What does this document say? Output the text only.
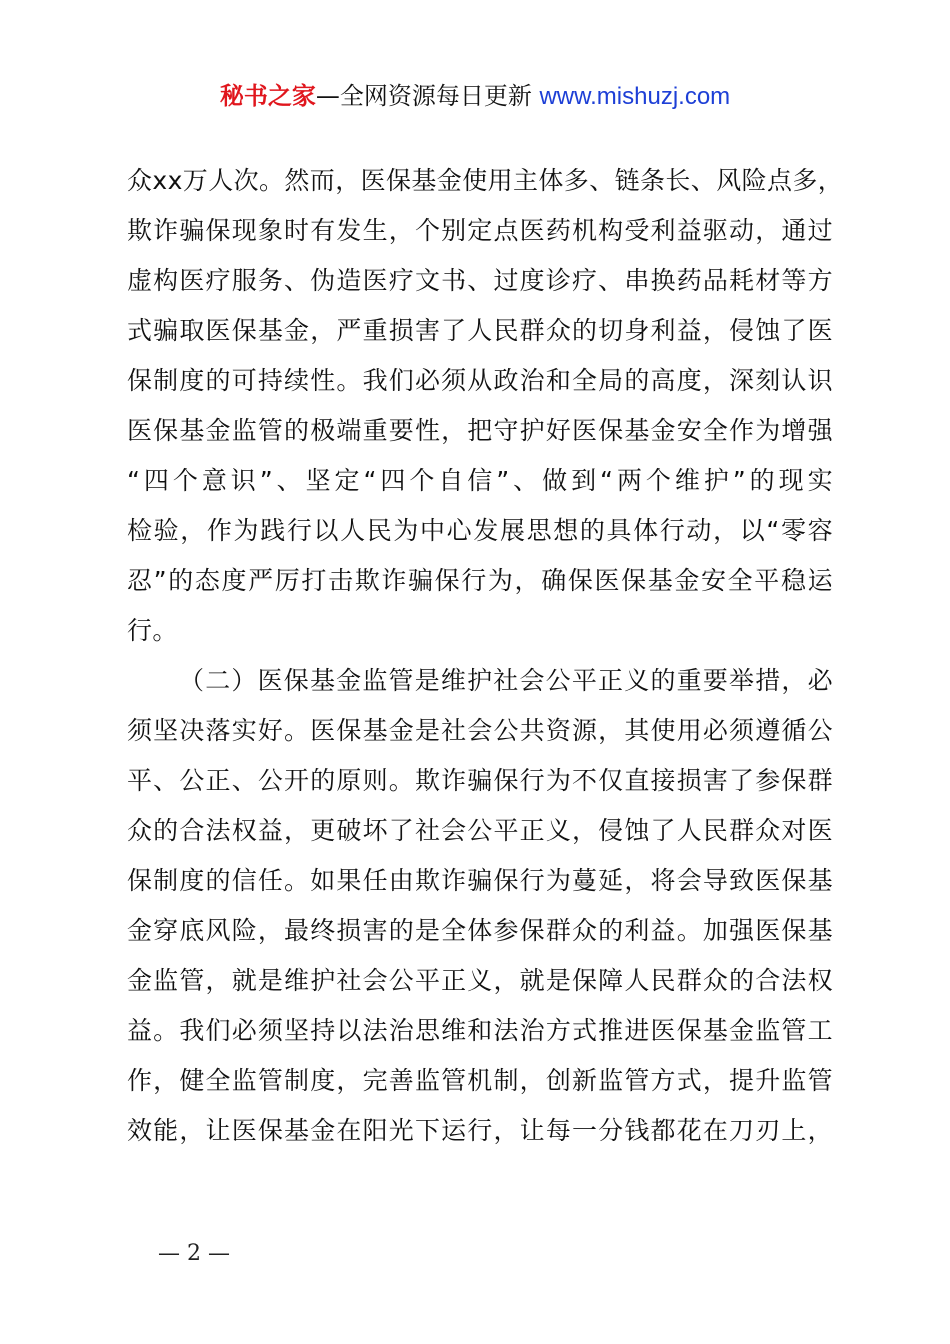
秘书之家—全网资源每日更新 www.mishuzj.com
众xx万人次。然而，医保基金使用主体多、链条长、风险点多，
欺诈骗保现象时有发生，个别定点医药机构受利益驱动，通过
虚构医疗服务、伪造医疗文书、过度诊疗、串换药品耗材等方
式骗取医保基金，严重损害了人民群众的切身利益，侵蚀了医
保制度的可持续性。我们必须从政治和全局的高度，深刻认识
医保基金监管的极端重要性，把守护好医保基金安全作为增强
“四个意识”、坚定“四个自信”、做到“两个维护”的现实
检验，作为践行以人民为中心发展思想的具体行动，以“零容
忍”的态度严厉打击欺诈骗保行为，确保医保基金安全平稳运
行。
（二）医保基金监管是维护社会公平正义的重要举措，必
须坚决落实好。医保基金是社会公共资源，其使用必须遵循公
平、公正、公开的原则。欺诈骗保行为不仅直接损害了参保群
众的合法权益，更破坏了社会公平正义，侵蚀了人民群众对医
保制度的信任。如果任由欺诈骗保行为蔓延，将会导致医保基
金穿底风险，最终损害的是全体参保群众的利益。加强医保基
金监管，就是维护社会公平正义，就是保障人民群众的合法权
益。我们必须坚持以法治思维和法治方式推进医保基金监管工
作，健全监管制度，完善监管机制，创新监管方式，提升监管
效能，让医保基金在阳光下运行，让每一分钱都花在刀刃上，
— 2 —
